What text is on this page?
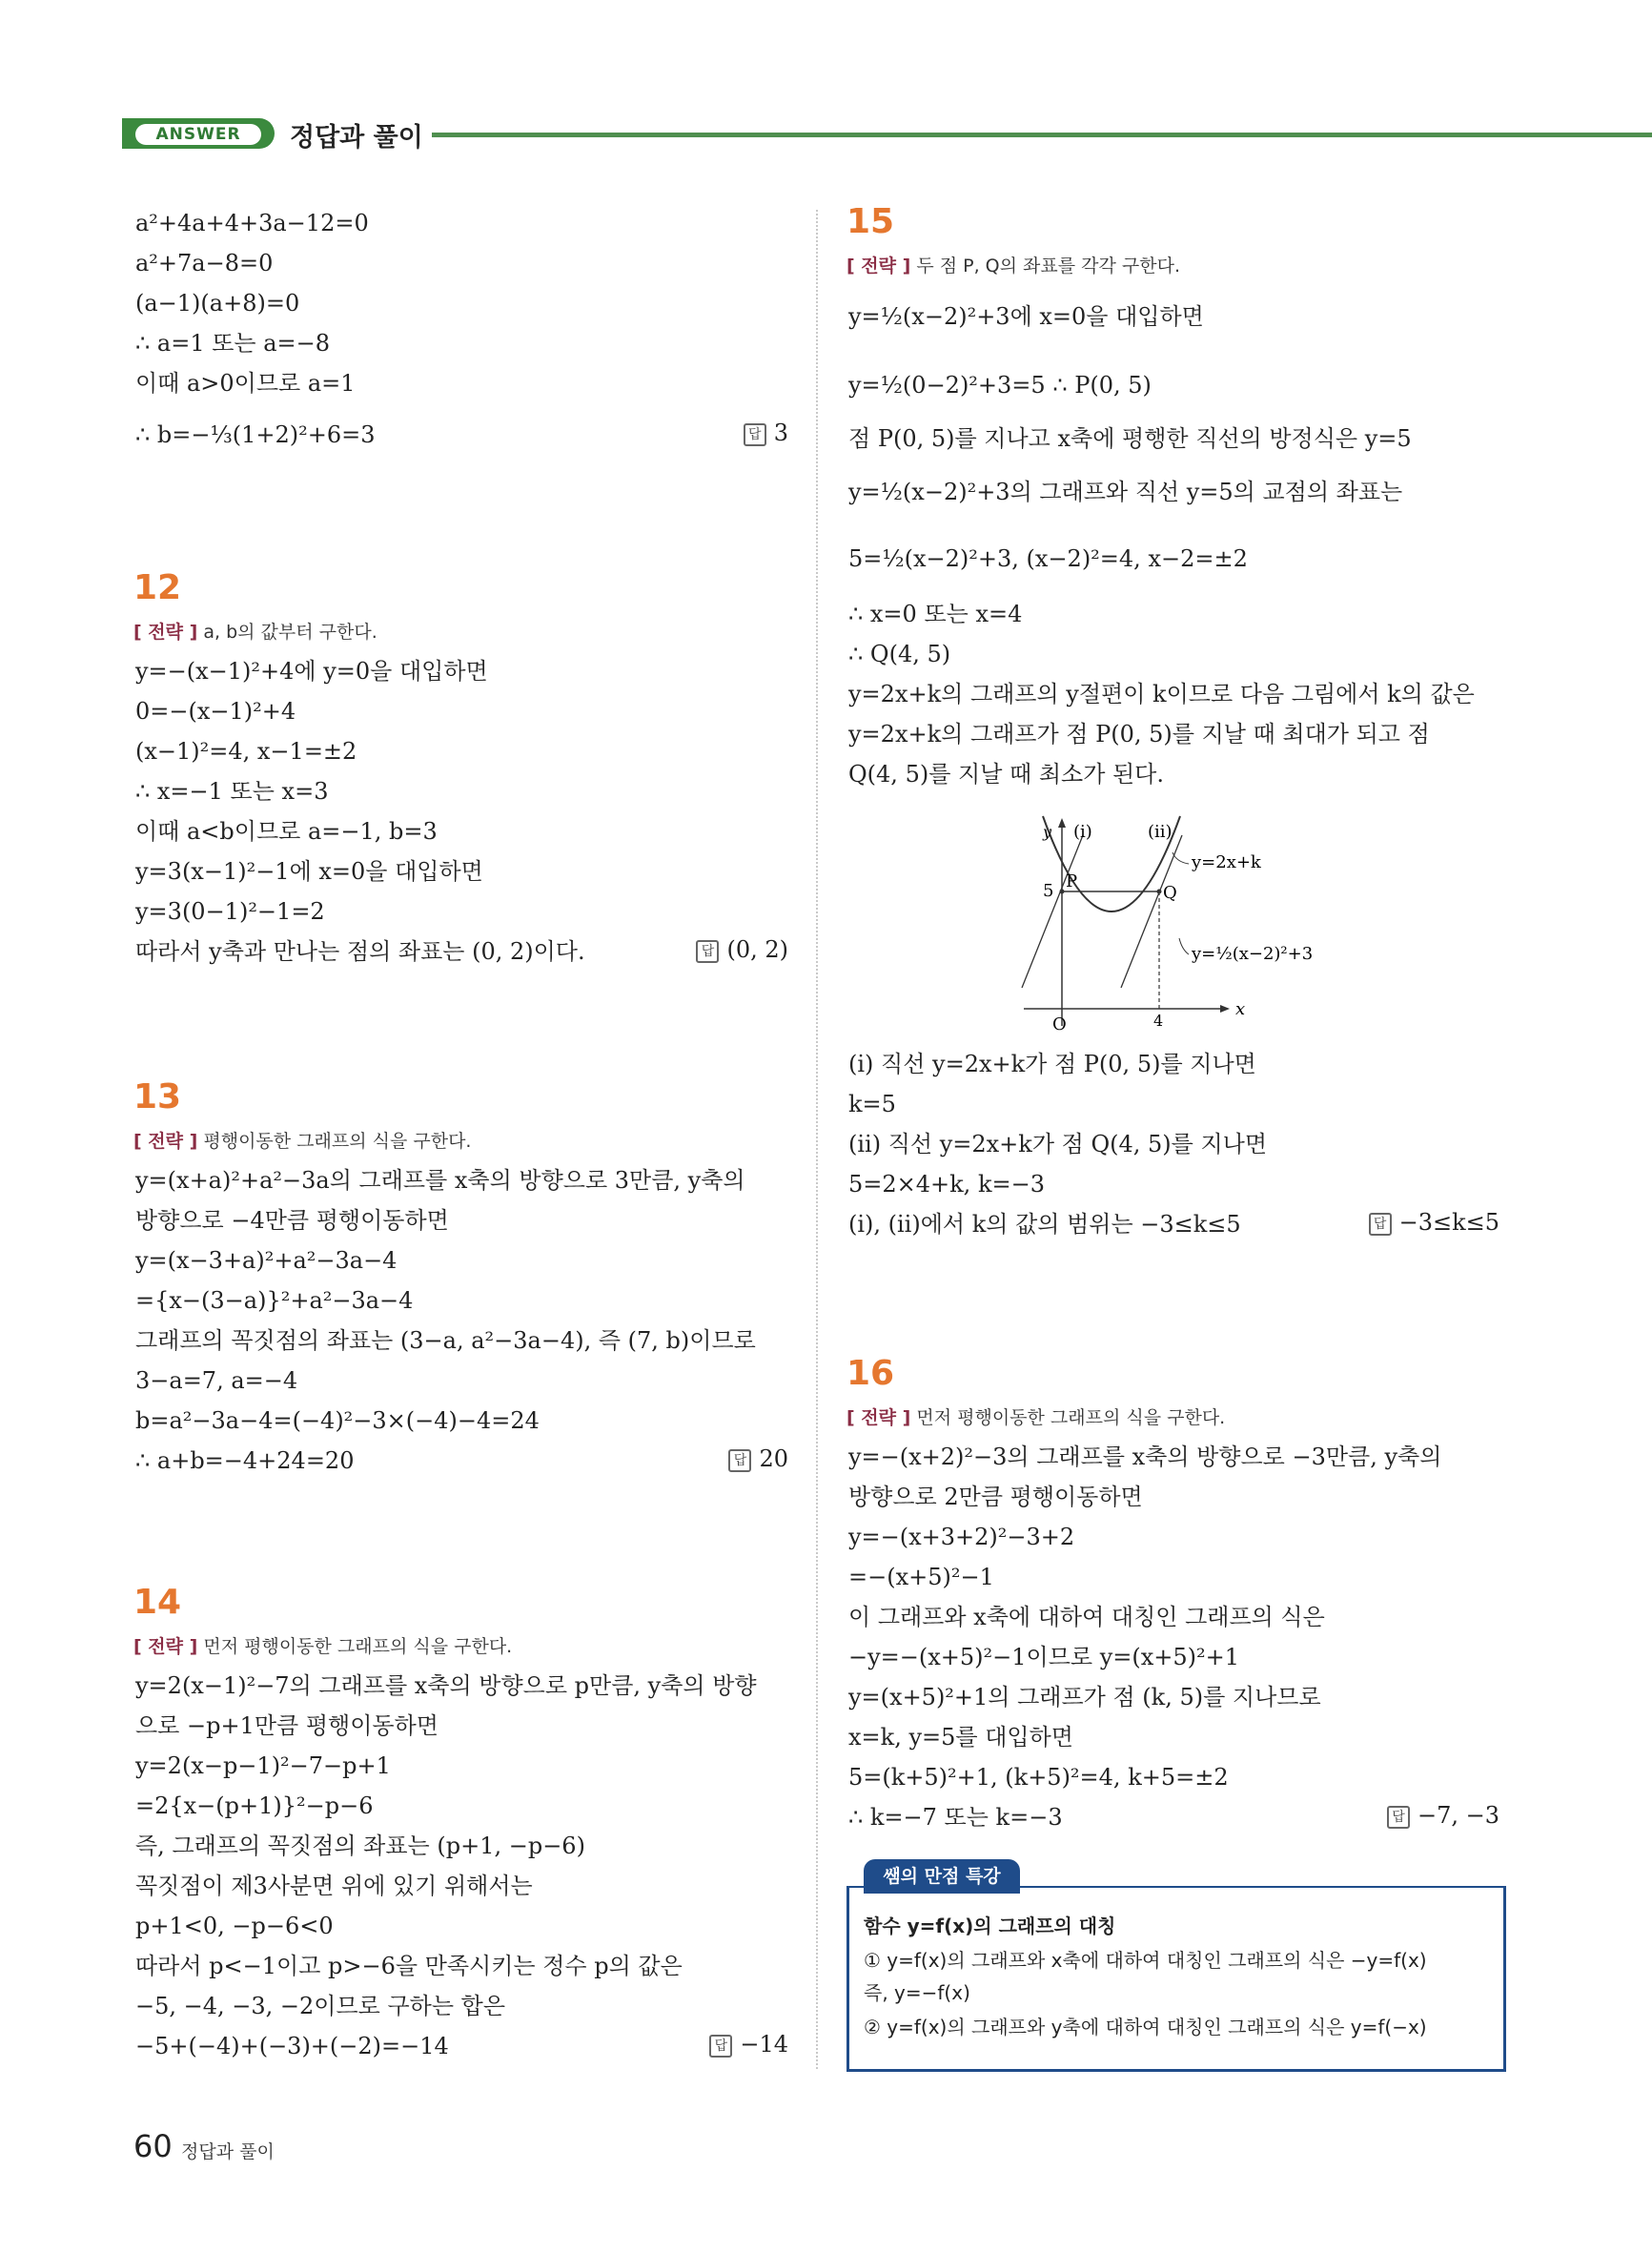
ANSWER	정답과 풀이
a²+4a+4+3a−12=0
a²+7a−8=0
(a−1)(a+8)=0
∴ a=1 또는 a=−8
이때 a>0이므로 a=1
∴ b=−⅓(1+2)²+6=3	답 3
12
[ 전략 ] a, b의 값부터 구한다.
y=−(x−1)²+4에 y=0을 대입하면
0=−(x−1)²+4
(x−1)²=4, x−1=±2
∴ x=−1 또는 x=3
이때 a<b이므로 a=−1, b=3
y=3(x−1)²−1에 x=0을 대입하면
y=3(0−1)²−1=2
따라서 y축과 만나는 점의 좌표는 (0, 2)이다.	답 (0, 2)
13
[ 전략 ] 평행이동한 그래프의 식을 구한다.
y=(x+a)²+a²−3a의 그래프를 x축의 방향으로 3만큼, y축의
방향으로 −4만큼 평행이동하면
y=(x−3+a)²+a²−3a−4
={x−(3−a)}²+a²−3a−4
그래프의 꼭짓점의 좌표는 (3−a, a²−3a−4), 즉 (7, b)이므로
3−a=7, a=−4
b=a²−3a−4=(−4)²−3×(−4)−4=24
∴ a+b=−4+24=20	답 20
14
[ 전략 ] 먼저 평행이동한 그래프의 식을 구한다.
y=2(x−1)²−7의 그래프를 x축의 방향으로 p만큼, y축의 방향
으로 −p+1만큼 평행이동하면
y=2(x−p−1)²−7−p+1
=2{x−(p+1)}²−p−6
즉, 그래프의 꼭짓점의 좌표는 (p+1, −p−6)
꼭짓점이 제3사분면 위에 있기 위해서는
p+1<0, −p−6<0
따라서 p<−1이고 p>−6을 만족시키는 정수 p의 값은
−5, −4, −3, −2이므로 구하는 합은
−5+(−4)+(−3)+(−2)=−14	답 −14
15
[ 전략 ] 두 점 P, Q의 좌표를 각각 구한다.
y=½(x−2)²+3에 x=0을 대입하면
y=½(0−2)²+3=5 ∴ P(0, 5)
점 P(0, 5)를 지나고 x축에 평행한 직선의 방정식은 y=5
y=½(x−2)²+3의 그래프와 직선 y=5의 교점의 좌표는
5=½(x−2)²+3, (x−2)²=4, x−2=±2
∴ x=0 또는 x=4
∴ Q(4, 5)
y=2x+k의 그래프의 y절편이 k이므로 다음 그림에서 k의 값은
y=2x+k의 그래프가 점 P(0, 5)를 지날 때 최대가 되고 점
Q(4, 5)를 지날 때 최소가 된다.
(ⅰ)	(ⅱ)
y
x
O
5
4
P
Q
y=2x+k
y=½(x−2)²+3
(ⅰ) 직선 y=2x+k가 점 P(0, 5)를 지나면
k=5
(ⅱ) 직선 y=2x+k가 점 Q(4, 5)를 지나면
5=2×4+k, k=−3
(ⅰ), (ⅱ)에서 k의 값의 범위는 −3≤k≤5	답 −3≤k≤5
16
[ 전략 ] 먼저 평행이동한 그래프의 식을 구한다.
y=−(x+2)²−3의 그래프를 x축의 방향으로 −3만큼, y축의
방향으로 2만큼 평행이동하면
y=−(x+3+2)²−3+2
=−(x+5)²−1
이 그래프와 x축에 대하여 대칭인 그래프의 식은
−y=−(x+5)²−1이므로 y=(x+5)²+1
y=(x+5)²+1의 그래프가 점 (k, 5)를 지나므로
x=k, y=5를 대입하면
5=(k+5)²+1, (k+5)²=4, k+5=±2
∴ k=−7 또는 k=−3	답 −7, −3
쌤의 만점 특강
함수 y=f(x)의 그래프의 대칭
① y=f(x)의 그래프와 x축에 대하여 대칭인 그래프의 식은 −y=f(x)
즉, y=−f(x)
② y=f(x)의 그래프와 y축에 대하여 대칭인 그래프의 식은 y=f(−x)
60 정답과 풀이
